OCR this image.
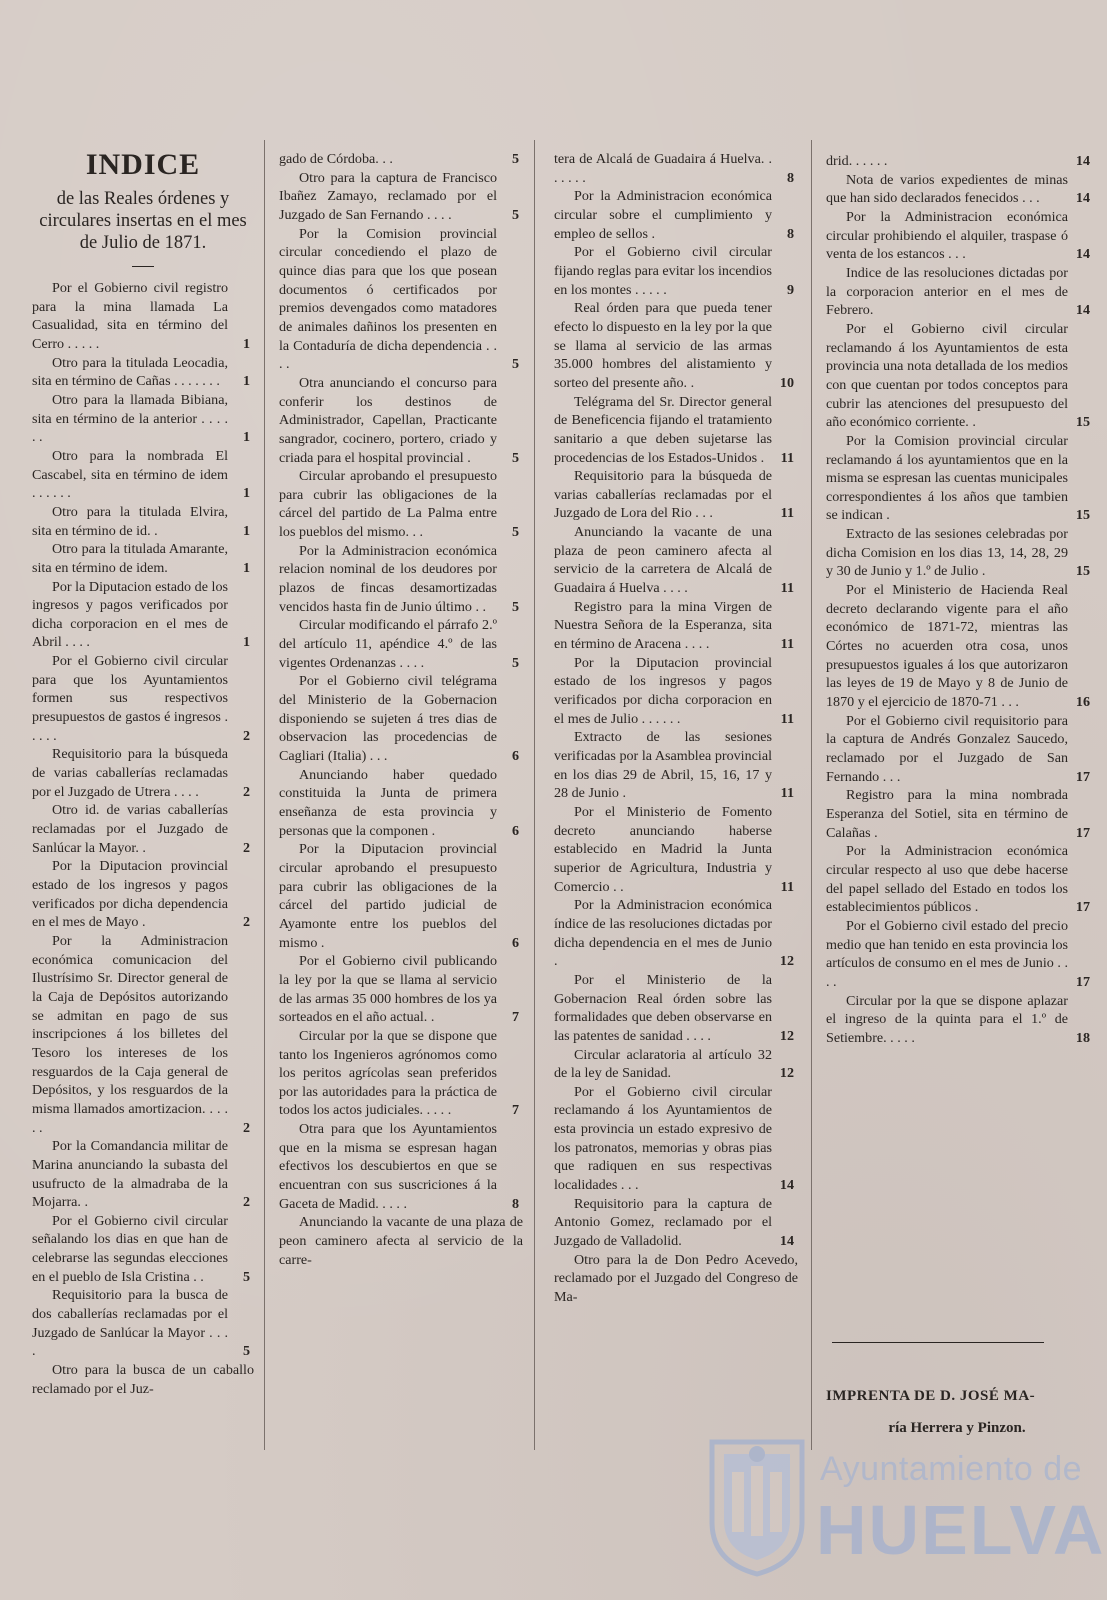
INDICE
de las Reales órdenes y circulares insertas en el mes de Julio de 1871.

Por el Gobierno civil registro para la mina llamada La Casualidad, sita en término del Cerro . . . . .	1

Otro para la titulada Leocadia, sita en término de Cañas . . . . . . . 1

Otro para la llamada Bibiana, sita en término de la anterior . . . . . .	1

Otro para la nombrada El Cascabel, sita en término de idem . . . . . .	1

Otro para la titulada Elvira, sita en término de id. .	1

Otro para la titulada Amarante, sita en término de idem.	1

Por la Diputacion estado de los ingresos y pagos verificados por dicha corporacion en el mes de Abril . . . .	1

Por el Gobierno civil circular para que los Ayuntamientos formen sus respectivos presupuestos de gastos é ingresos . . . . .	2

Requisitorio para la búsqueda de varias caballerías reclamadas por el Juzgado de Utrera . . . .	2

Otro id. de varias caballerías reclamadas por el Juzgado de Sanlúcar la Mayor. .	2

Por la Diputacion provincial estado de los ingresos y pagos verificados por dicha dependencia en el mes de Mayo .	2

Por la Administracion económica comunicacion del Ilustrísimo Sr. Director general de la Caja de Depósitos autorizando se admitan en pago de sus inscripciones á los billetes del Tesoro los intereses de los resguardos de la Caja general de Depósitos, y los resguardos de la misma llamados amortizacion. . . . . .	2

Por la Comandancia militar de Marina anunciando la subasta del usufructo de la almadraba de la Mojarra. .	2

Por el Gobierno civil circular señalando los dias en que han de celebrarse las segundas elecciones en el pueblo de Isla Cristina . .	5

Requisitorio para la busca de dos caballerías reclamadas por el Juzgado de Sanlúcar la Mayor . . . .	5

Otro para la busca de un caballo reclamado por el Juz-

gado de Córdoba. . .	5

Otro para la captura de Francisco Ibañez Zamayo, reclamado por el Juzgado de San Fernando . . . .	5

Por la Comision provincial circular concediendo el plazo de quince dias para que los que posean documentos ó certificados por premios devengados como matadores de animales dañinos los presenten en la Contaduría de dicha dependencia . . . .	5

Otra anunciando el concurso para conferir los destinos de Administrador, Capellan, Practicante sangrador, cocinero, portero, criado y criada para el hospital provincial .	5

Circular aprobando el presupuesto para cubrir las obligaciones de la cárcel del partido de La Palma entre los pueblos del mismo. . .	5

Por la Administracion económica relacion nominal de los deudores por plazos de fincas desamortizadas vencidos hasta fin de Junio último . . 5

Circular modificando el párrafo 2.º del artículo 11, apéndice 4.º de las vigentes Ordenanzas . . . .	5

Por el Gobierno civil telégrama del Ministerio de la Gobernacion disponiendo se sujeten á tres dias de observacion las procedencias de Cagliari (Italia) . . .	6

Anunciando haber quedado constituida la Junta de primera enseñanza de esta provincia y personas que la componen .	6

Por la Diputacion provincial circular aprobando el presupuesto para cubrir las obligaciones de la cárcel del partido judicial de Ayamonte entre los pueblos del mismo .	6

Por el Gobierno civil publicando la ley por la que se llama al servicio de las armas 35 000 hombres de los ya sorteados en el año actual. .	7

Circular por la que se dispone que tanto los Ingenieros agrónomos como los peritos agrícolas sean preferidos por las autoridades para la práctica de todos los actos judiciales. . . . .	7

Otra para que los Ayuntamientos que en la misma se espresan hagan efectivos los descubiertos en que se encuentran con sus suscriciones á la Gaceta de Madid. . . . .	8

Anunciando la vacante de una plaza de peon caminero afecta al servicio de la carre-

tera de Alcalá de Guadaira á Huelva. . . . . . .	8

Por la Administracion económica circular sobre el cumplimiento y empleo de sellos .	8

Por el Gobierno civil circular fijando reglas para evitar los incendios en los montes . . . . .	9

Real órden para que pueda tener efecto lo dispuesto en la ley por la que se llama al servicio de las armas 35.000 hombres del alistamiento y sorteo del presente año. .	10

Telégrama del Sr. Director general de Beneficencia fijando el tratamiento sanitario a que deben sujetarse las procedencias de los Estados-Unidos . 11

Requisitorio para la búsqueda de varias caballerías reclamadas por el Juzgado de Lora del Rio . . .	11

Anunciando la vacante de una plaza de peon caminero afecta al servicio de la carretera de Alcalá de Guadaira á Huelva . . . .	11

Registro para la mina Virgen de Nuestra Señora de la Esperanza, sita en término de Aracena . . . .	11

Por la Diputacion provincial estado de los ingresos y pagos verificados por dicha corporacion en el mes de Julio . . . . . .	11

Extracto de las sesiones verificadas por la Asamblea provincial en los dias 29 de Abril, 15, 16, 17 y 28 de Junio .	11

Por el Ministerio de Fomento decreto anunciando haberse establecido en Madrid la Junta superior de Agricultura, Industria y Comercio . .	11

Por la Administracion económica índice de las resoluciones dictadas por dicha dependencia en el mes de Junio .	12

Por el Ministerio de la Gobernacion Real órden sobre las formalidades que deben observarse en las patentes de sanidad . . . .	12

Circular aclaratoria al artículo 32 de la ley de Sanidad.	12

Por el Gobierno civil circular reclamando á los Ayuntamientos de esta provincia un estado expresivo de los patronatos, memorias y obras pias que radiquen en sus respectivas localidades . . .	14

Requisitorio para la captura de Antonio Gomez, reclamado por el Juzgado de Valladolid.	14

Otro para la de Don Pedro Acevedo, reclamado por el Juzgado del Congreso de Ma-

drid. . . . . .	14

Nota de varios expedientes de minas que han sido declarados fenecidos . . .	14

Por la Administracion económica circular prohibiendo el alquiler, traspase ó venta de los estancos . . .	14

Indice de las resoluciones dictadas por la corporacion anterior en el mes de Febrero.	14

Por el Gobierno civil circular reclamando á los Ayuntamientos de esta provincia una nota detallada de los medios con que cuentan por todos conceptos para cubrir las atenciones del presupuesto del año económico corriente. .	15

Por la Comision provincial circular reclamando á los ayuntamientos que en la misma se espresan las cuentas municipales correspondientes á los años que tambien se indican .	15

Extracto de las sesiones celebradas por dicha Comision en los dias 13, 14, 28, 29 y 30 de Junio y 1.º de Julio .	15

Por el Ministerio de Hacienda Real decreto declarando vigente para el año económico de 1871-72, mientras las Córtes no acuerden otra cosa, unos presupuestos iguales á los que autorizaron las leyes de 19 de Mayo y 8 de Junio de 1870 y el ejercicio de 1870-71 . . .	16

Por el Gobierno civil requisitorio para la captura de Andrés Gonzalez Saucedo, reclamado por el Juzgado de San Fernando . . .	17

Registro para la mina nombrada Esperanza del Sotiel, sita en término de Calañas .	17

Por la Administracion económica circular respecto al uso que debe hacerse del papel sellado del Estado en todos los establecimientos públicos .	17

Por el Gobierno civil estado del precio medio que han tenido en esta provincia los artículos de consumo en el mes de Junio . . . .	17

Circular por la que se dispone aplazar el ingreso de la quinta para el 1.º de Setiembre. . . . .	18

IMPRENTA DE D. JOSÉ MA-
ría Herrera y Pinzon.
Ayuntamiento de
HUELVA
